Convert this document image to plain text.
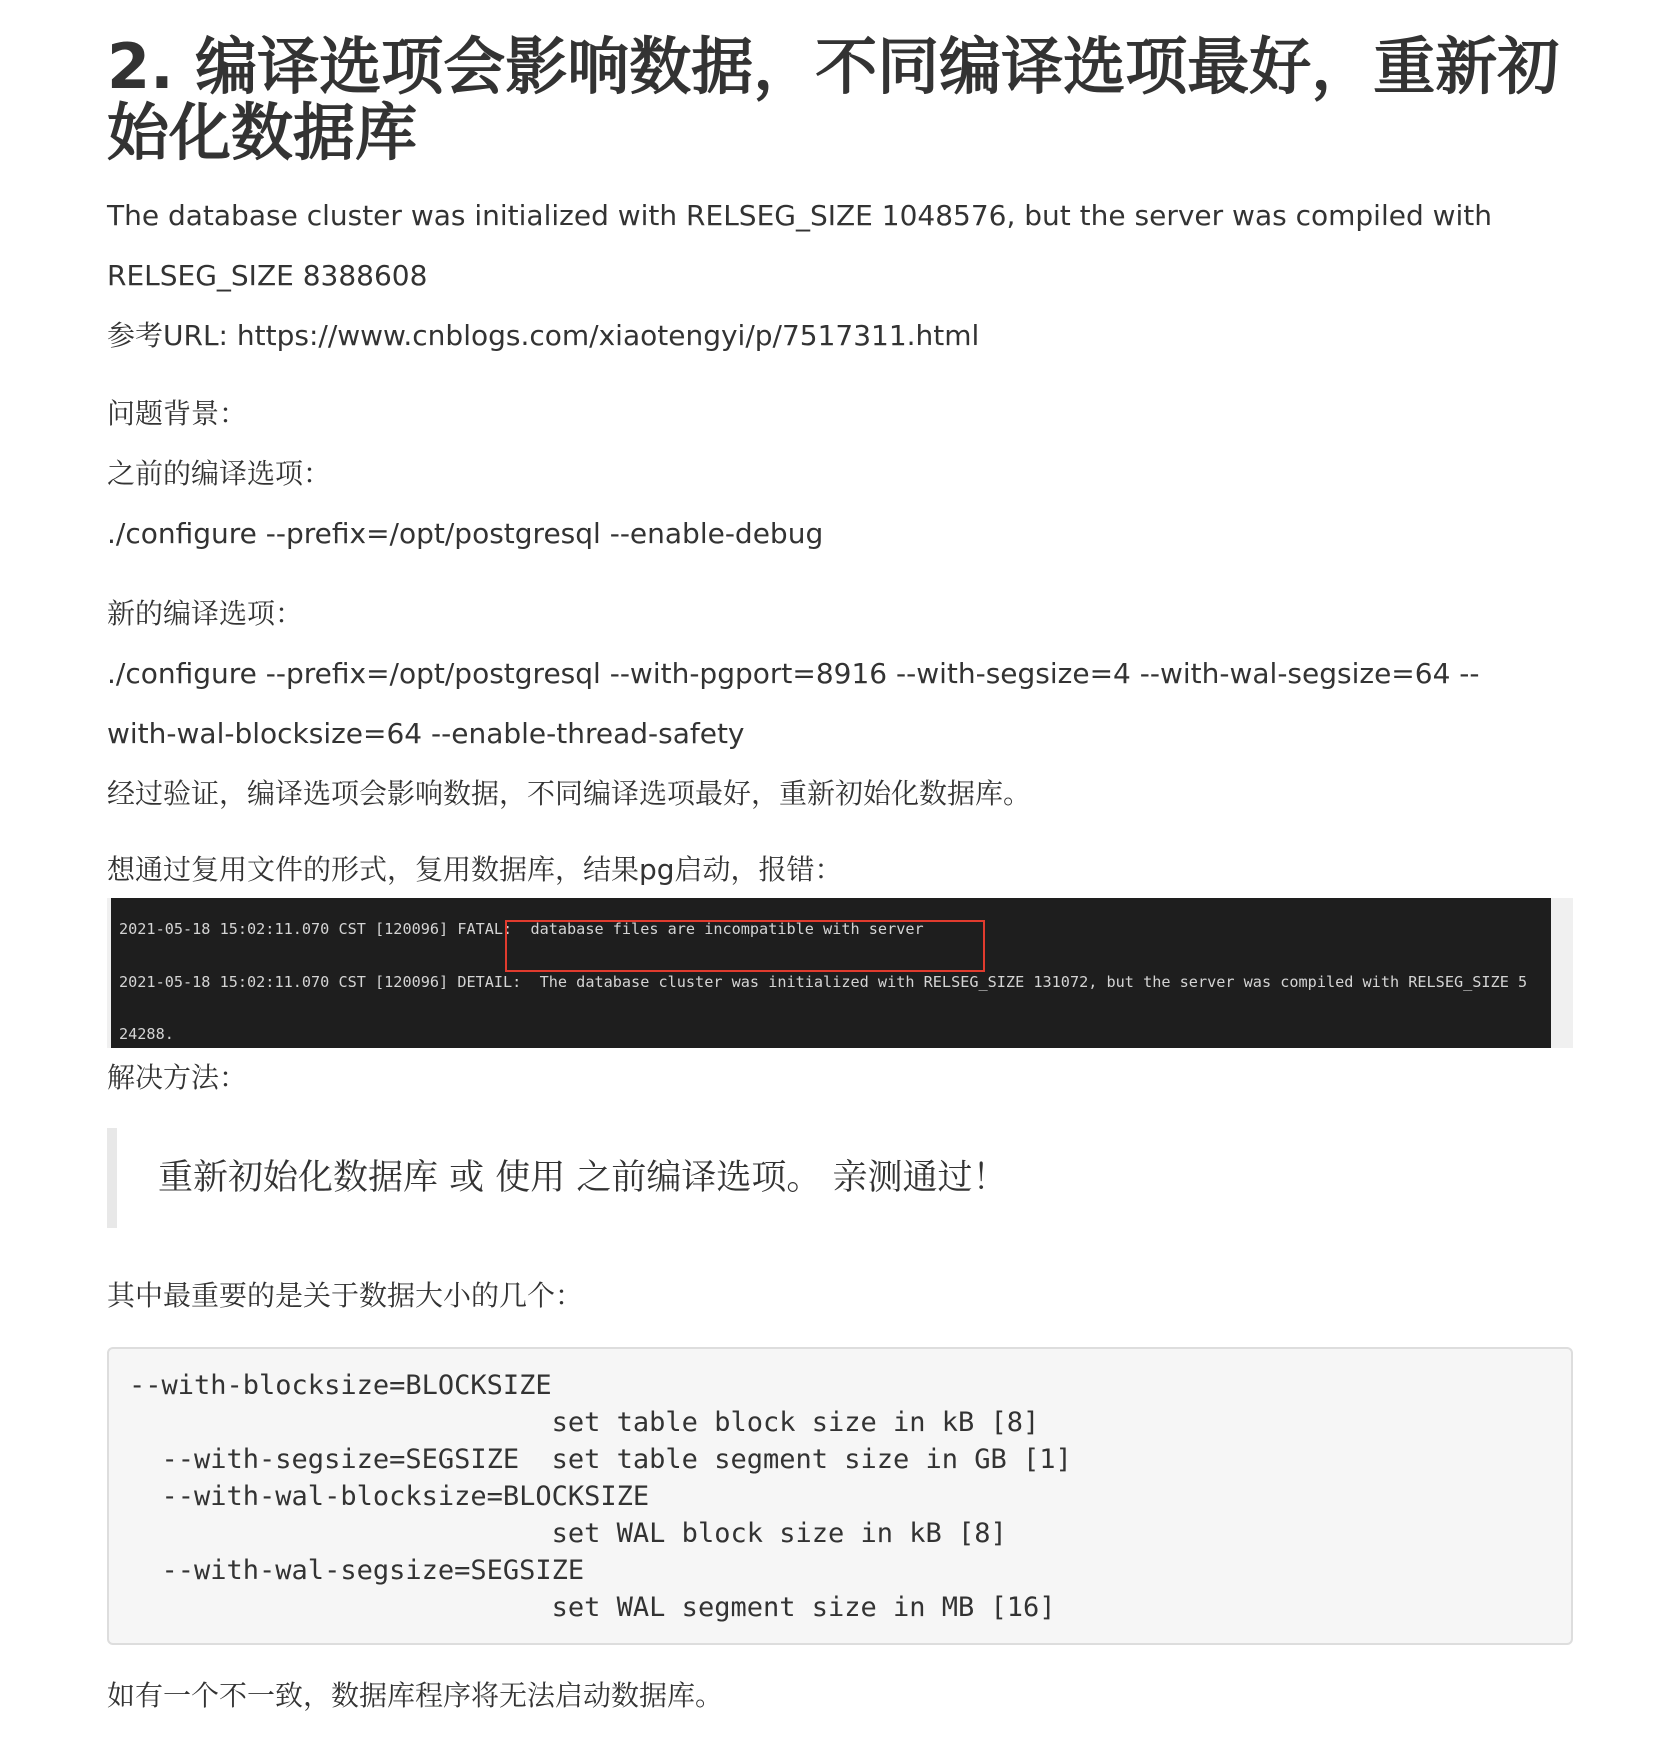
2. 编译选项会影响数据，不同编译选项最好，重新初始化数据库

The database cluster was initialized with RELSEG_SIZE 1048576, but the server was compiled with RELSEG_SIZE 8388608

参考URL: https://www.cnblogs.com/xiaotengyi/p/7517311.html

问题背景：

之前的编译选项：

./configure --prefix=/opt/postgresql --enable-debug

新的编译选项：

./configure --prefix=/opt/postgresql --with-pgport=8916 --with-segsize=4 --with-wal-segsize=64 --with-wal-blocksize=64 --enable-thread-safety

经过验证，编译选项会影响数据，不同编译选项最好，重新初始化数据库。

想通过复用文件的形式，复用数据库，结果pg启动，报错：

2021-05-18 15:02:11.070 CST [120096] FATAL:  database files are incompatible with server

2021-05-18 15:02:11.070 CST [120096] DETAIL:  The database cluster was initialized with RELSEG_SIZE 131072, but the server was compiled with RELSEG_SIZE 5

24288.

解决方法：

重新初始化数据库 或 使用 之前编译选项。 亲测通过！

其中最重要的是关于数据大小的几个：

--with-blocksize=BLOCKSIZE
set table block size in kB [8]
--with-segsize=SEGSIZE  set table segment size in GB [1]
--with-wal-blocksize=BLOCKSIZE
set WAL block size in kB [8]
--with-wal-segsize=SEGSIZE
set WAL segment size in MB [16]

如有一个不一致，数据库程序将无法启动数据库。
